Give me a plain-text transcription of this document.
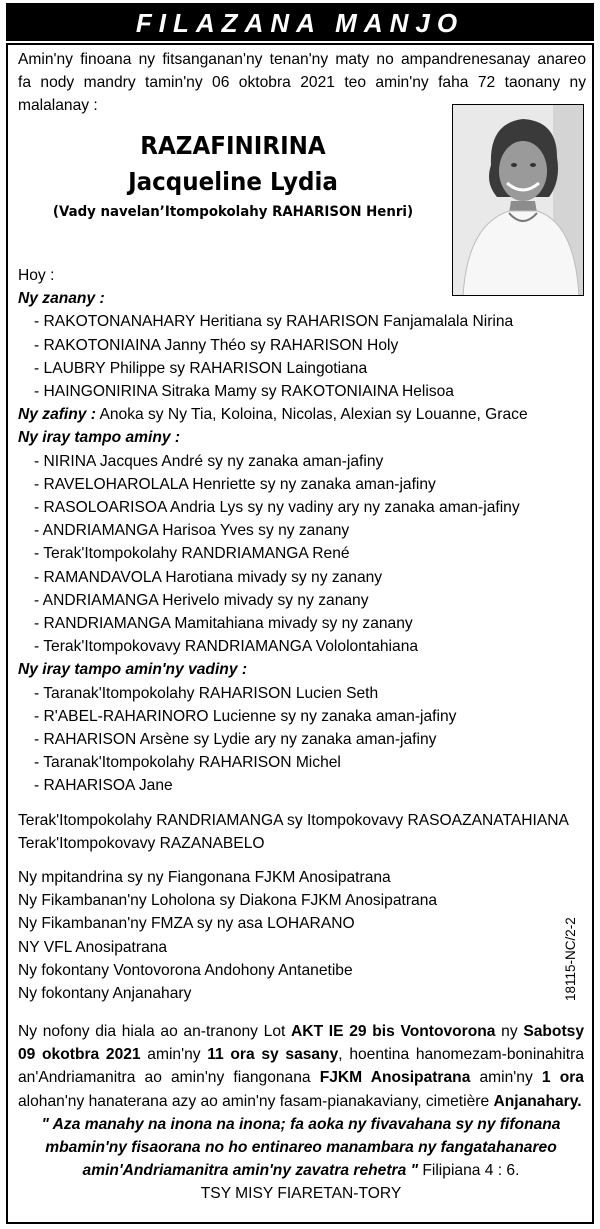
FILAZANA MANJO
Amin'ny finoana ny fitsanganan'ny tenan'ny maty no ampandrenesanay anareo
fa nody mandry tamin'ny 06 oktobra 2021 teo amin'ny faha 72 taonany ny
malalanay :
RAZAFINIRINA
Jacqueline Lydia
(Vady navelan’Itompokolahy RAHARISON Henri)
Hoy :
Ny zanany :
- RAKOTONANAHARY Heritiana sy RAHARISON Fanjamalala Nirina
- RAKOTONIAINA Janny Théo sy RAHARISON Holy
- LAUBRY Philippe sy RAHARISON Laingotiana
- HAINGONIRINA Sitraka Mamy sy RAKOTONIAINA Helisoa
Ny zafiny : Anoka sy Ny Tia, Koloina, Nicolas, Alexian sy Louanne, Grace
Ny iray tampo aminy :
- NIRINA Jacques André sy ny zanaka aman-jafiny
- RAVELOHAROLALA Henriette sy ny zanaka aman-jafiny
- RASOLOARISOA Andria Lys sy ny vadiny ary ny zanaka aman-jafiny
- ANDRIAMANGA Harisoa Yves sy ny zanany
- Terak'Itompokolahy RANDRIAMANGA René
- RAMANDAVOLA Harotiana mivady sy ny zanany
- ANDRIAMANGA Herivelo mivady sy ny zanany
- RANDRIAMANGA Mamitahiana mivady sy ny zanany
- Terak'Itompokovavy RANDRIAMANGA Vololontahiana
Ny iray tampo amin'ny vadiny :
- Taranak'Itompokolahy RAHARISON Lucien Seth
- R'ABEL-RAHARINORO Lucienne sy ny zanaka aman-jafiny
- RAHARISON Arsène sy Lydie ary ny zanaka aman-jafiny
- Taranak'Itompokolahy RAHARISON Michel
- RAHARISOA Jane
Terak'Itompokolahy RANDRIAMANGA sy Itompokovavy RASOAZANATAHIANA
Terak'Itompokovavy RAZANABELO
Ny mpitandrina sy ny Fiangonana FJKM Anosipatrana
Ny Fikambanan'ny Loholona sy Diakona FJKM Anosipatrana
Ny Fikambanan'ny FMZA sy ny asa LOHARANO
NY VFL Anosipatrana
Ny fokontany Vontovorona Andohony Antanetibe
Ny fokontany Anjanahary	18115-NC/2-2
Ny nofony dia hiala ao an-tranony Lot AKT IE 29 bis Vontovorona ny Sabotsy 09 okotbra 2021 amin'ny 11 ora sy sasany, hoentina hanomezam-boninahitra an'Andriamanitra ao amin'ny fiangonana FJKM Anosipatrana amin'ny 1 ora alohan'ny hanaterana azy ao amin'ny fasam-pianakaviany, cimetière Anjanahary.
" Aza manahy na inona na inona; fa aoka ny fivavahana sy ny fifonana
mbamin'ny fisaorana no ho entinareo manambara ny fangatahanareo
amin'Andriamanitra amin'ny zavatra rehetra " Filipiana 4 : 6.
TSY MISY FIARETAN-TORY
